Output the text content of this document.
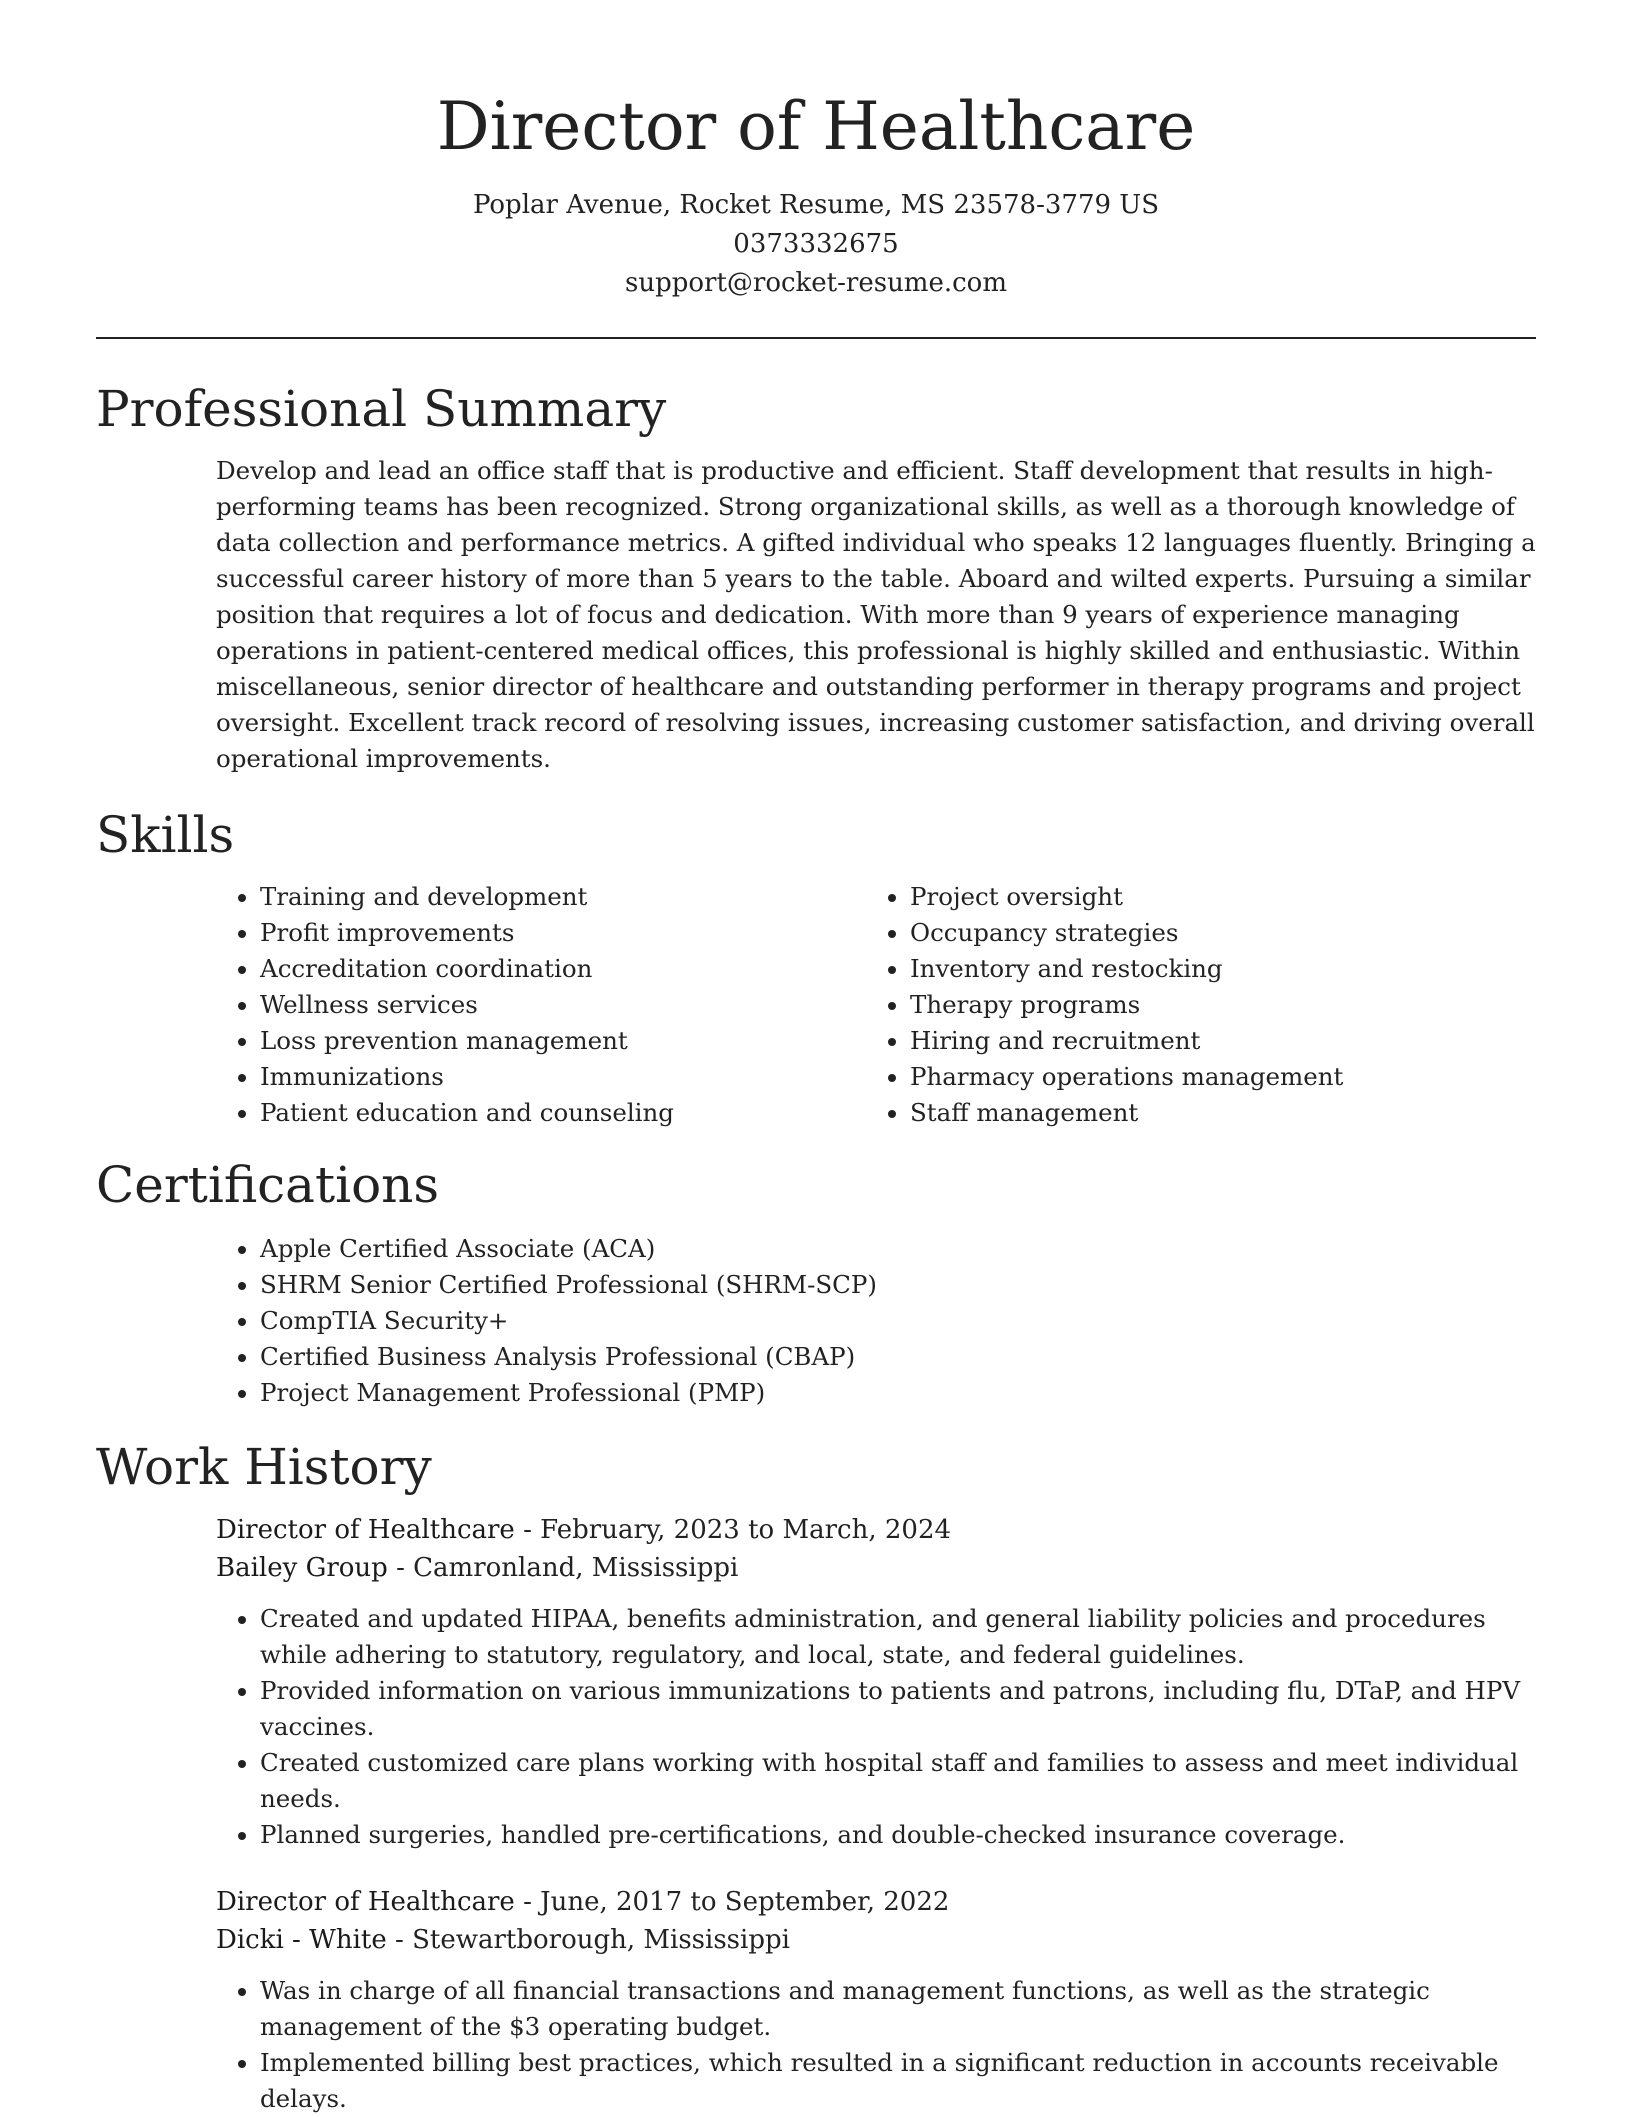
Director of Healthcare
Poplar Avenue, Rocket Resume, MS 23578-3779 US
0373332675
support@rocket-resume.com
Professional Summary

Develop and lead an office staff that is productive and efficient. Staff development that results in high-performing teams has been recognized. Strong organizational skills, as well as a thorough knowledge of data collection and performance metrics. A gifted individual who speaks 12 languages fluently. Bringing a successful career history of more than 5 years to the table. Aboard and wilted experts. Pursuing a similar position that requires a lot of focus and dedication. With more than 9 years of experience managing operations in patient-centered medical offices, this professional is highly skilled and enthusiastic. Within miscellaneous, senior director of healthcare and outstanding performer in therapy programs and project oversight. Excellent track record of resolving issues, increasing customer satisfaction, and driving overall operational improvements.

Skills
• Training and development
• Profit improvements
• Accreditation coordination
• Wellness services
• Loss prevention management
• Immunizations
• Patient education and counseling
• Project oversight
• Occupancy strategies
• Inventory and restocking
• Therapy programs
• Hiring and recruitment
• Pharmacy operations management
• Staff management
Certifications
• Apple Certified Associate (ACA)
• SHRM Senior Certified Professional (SHRM-SCP)
• CompTIA Security+
• Certified Business Analysis Professional (CBAP)
• Project Management Professional (PMP)
Work History
Director of Healthcare - February, 2023 to March, 2024
Bailey Group - Camronland, Mississippi
• Created and updated HIPAA, benefits administration, and general liability policies and procedures while adhering to statutory, regulatory, and local, state, and federal guidelines.
• Provided information on various immunizations to patients and patrons, including flu, DTaP, and HPV vaccines.
• Created customized care plans working with hospital staff and families to assess and meet individual needs.
• Planned surgeries, handled pre-certifications, and double-checked insurance coverage.
Director of Healthcare - June, 2017 to September, 2022
Dicki - White - Stewartborough, Mississippi
• Was in charge of all financial transactions and management functions, as well as the strategic management of the $3 operating budget.
• Implemented billing best practices, which resulted in a significant reduction in accounts receivable delays.
